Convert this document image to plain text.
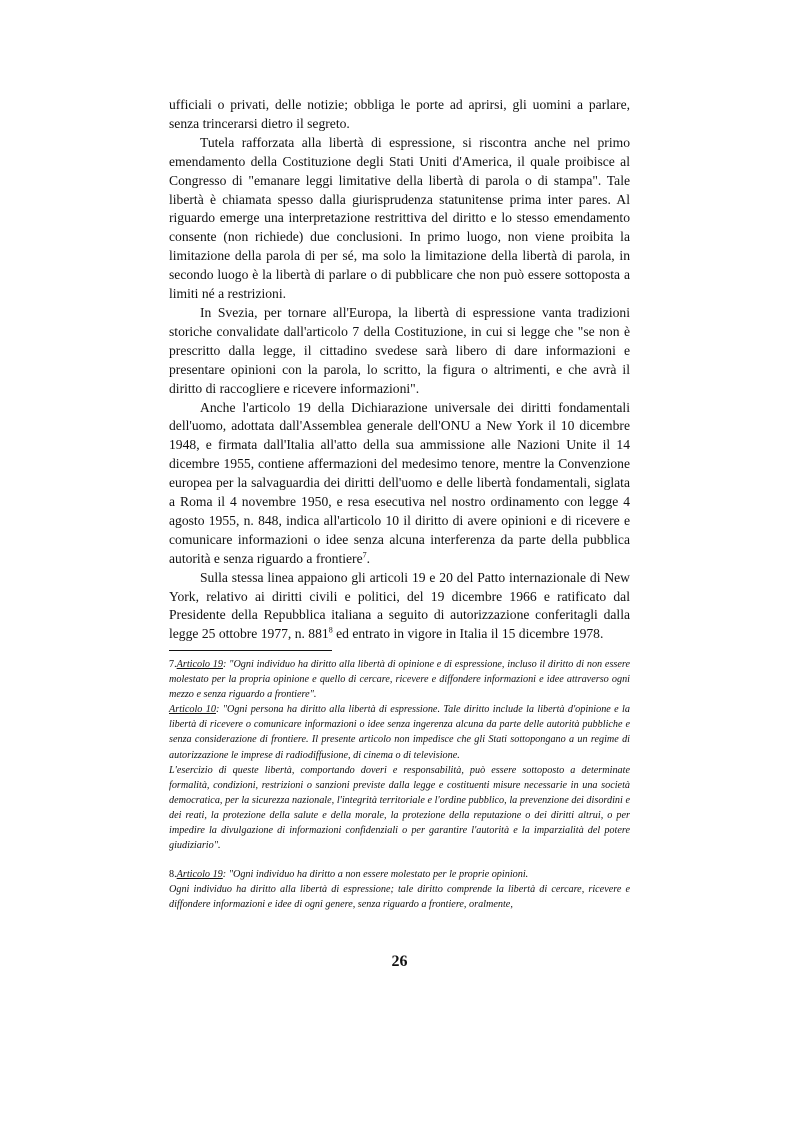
ufficiali o privati, delle notizie; obbliga le porte ad aprirsi, gli uomini a parlare, senza trincerarsi dietro il segreto.

Tutela rafforzata alla libertà di espressione, si riscontra anche nel primo emendamento della Costituzione degli Stati Uniti d'America, il quale proibisce al Congresso di "emanare leggi limitative della libertà di parola o di stampa". Tale libertà è chiamata spesso dalla giurisprudenza statunitense prima inter pares. Al riguardo emerge una interpretazione restrittiva del diritto e lo stesso emendamento consente (non richiede) due conclusioni. In primo luogo, non viene proibita la limitazione della parola di per sé, ma solo la limitazione della libertà di parola, in secondo luogo è la libertà di parlare o di pubblicare che non può essere sottoposta a limiti né a restrizioni.

In Svezia, per tornare all'Europa, la libertà di espressione vanta tradizioni storiche convalidate dall'articolo 7 della Costituzione, in cui si legge che "se non è prescritto dalla legge, il cittadino svedese sarà libero di dare informazioni e presentare opinioni con la parola, lo scritto, la figura o altrimenti, e che avrà il diritto di raccogliere e ricevere informazioni".

Anche l'articolo 19 della Dichiarazione universale dei diritti fondamentali dell'uomo, adottata dall'Assemblea generale dell'ONU a New York il 10 dicembre 1948, e firmata dall'Italia all'atto della sua ammissione alle Nazioni Unite il 14 dicembre 1955, contiene affermazioni del medesimo tenore, mentre la Convenzione europea per la salvaguardia dei diritti dell'uomo e delle libertà fondamentali, siglata a Roma il 4 novembre 1950, e resa esecutiva nel nostro ordinamento con legge 4 agosto 1955, n. 848, indica all'articolo 10 il diritto di avere opinioni e di ricevere e comunicare informazioni o idee senza alcuna interferenza da parte della pubblica autorità e senza riguardo a frontiere$^7$.

Sulla stessa linea appaiono gli articoli 19 e 20 del Patto internazionale di New York, relativo ai diritti civili e politici, del 19 dicembre 1966 e ratificato dal Presidente della Repubblica italiana a seguito di autorizzazione conferitagli dalla legge 25 ottobre 1977, n. $881^8$ ed entrato in vigore in Italia il 15 dicembre 1978.

7.Articolo 19: "Ogni individuo ha diritto alla libertà di opinione e di espressione, incluso il diritto di non essere molestato per la propria opinione e quello di cercare, ricevere e diffondere informazioni e idee attraverso ogni mezzo e senza riguardo a frontiere".

Articolo 10: "Ogni persona ha diritto alla libertà di espressione. Tale diritto include la libertà d'opinione e la libertà di ricevere o comunicare informazioni o idee senza ingerenza alcuna da parte delle autorità pubbliche e senza considerazione di frontiere. Il presente articolo non impedisce che gli Stati sottopongano a un regime di autorizzazione le imprese di radiodiffusione, di cinema o di televisione.

L'esercizio di queste libertà, comportando doveri e responsabilità, può essere sottoposto a determinate formalità, condizioni, restrizioni o sanzioni previste dalla legge e costituenti misure necessarie in una società democratica, per la sicurezza nazionale, l'integrità territoriale e l'ordine pubblico, la prevenzione dei disordini e dei reati, la protezione della salute e della morale, la protezione della reputazione o dei diritti altrui, o per impedire la divulgazione di informazioni confidenziali o per garantire l'autorità e la imparzialità del potere giudiziario".

8.Articolo 19: "Ogni individuo ha diritto a non essere molestato per le proprie opinioni.

Ogni individuo ha diritto alla libertà di espressione; tale diritto comprende la libertà di cercare, ricevere e diffondere informazioni e idee di ogni genere, senza riguardo a frontiere, oralmente,

26
